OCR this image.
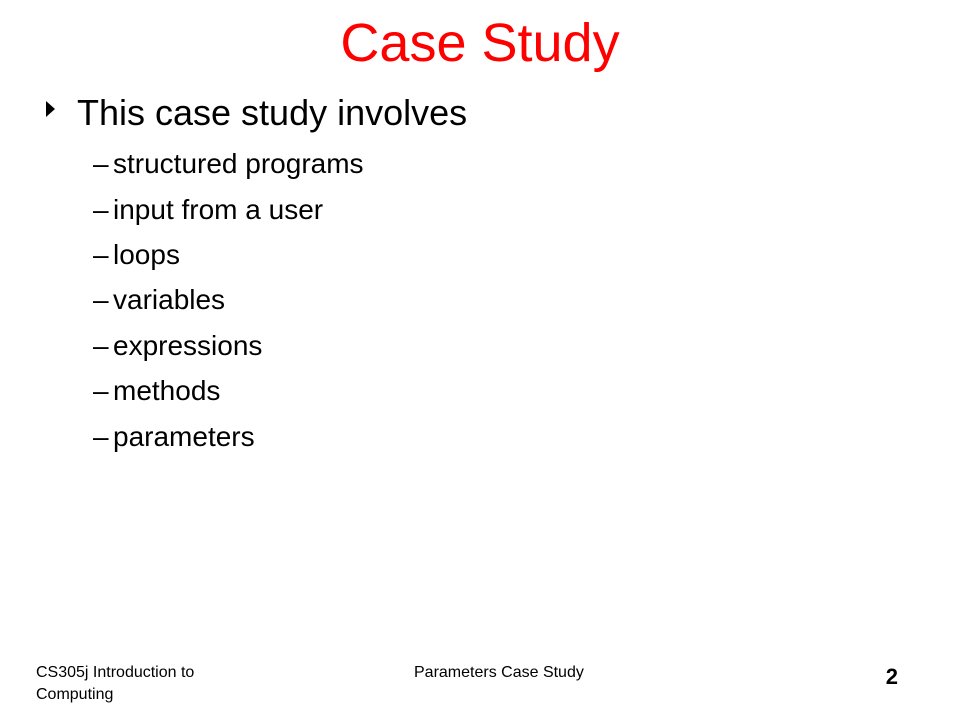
Case Study
This case study involves
– structured programs
– input from a user
– loops
– variables
– expressions
– methods
– parameters
CS305j Introduction to Computing
Parameters Case Study	2
